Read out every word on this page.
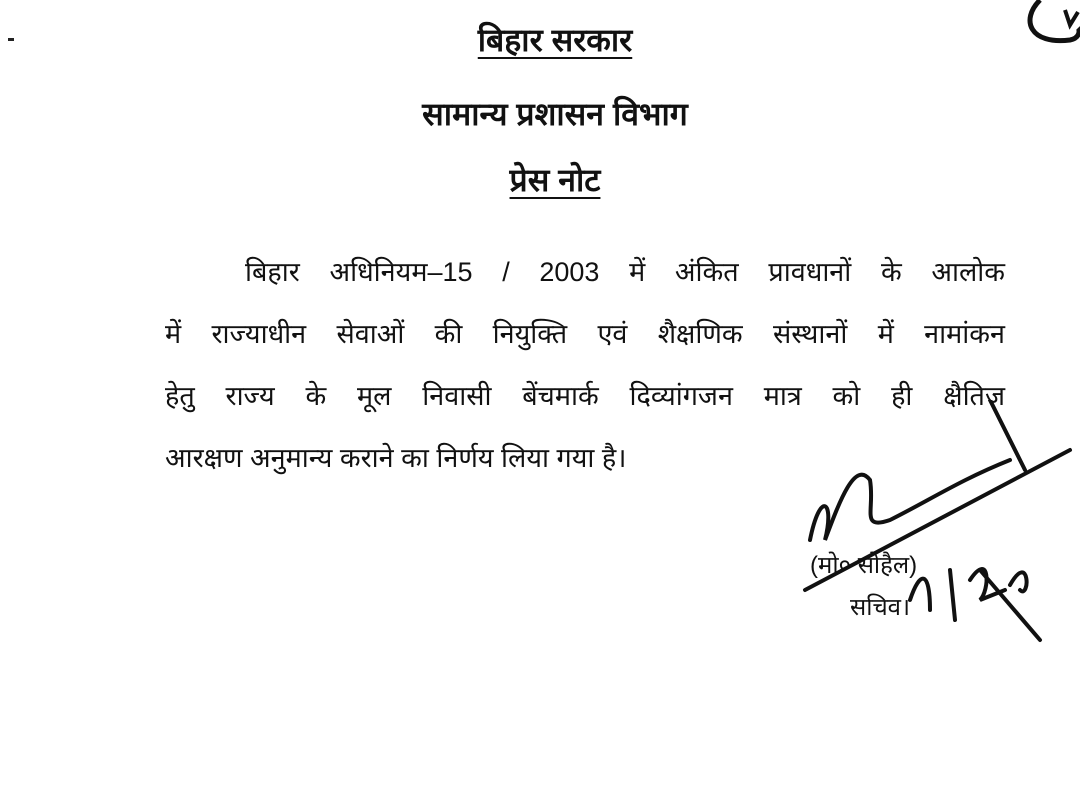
बिहार सरकार
सामान्य प्रशासन विभाग
प्रेस नोट
बिहार अधिनियम–15 / 2003 में अंकित प्रावधानों के आलोक
में राज्याधीन सेवाओं की नियुक्ति एवं शैक्षणिक संस्थानों में नामांकन
हेतु राज्य के मूल निवासी बेंचमार्क दिव्यांगजन मात्र को ही क्षैतिज
आरक्षण अनुमान्य कराने का निर्णय लिया गया है।
(मो० सोहैल)
सचिव।
